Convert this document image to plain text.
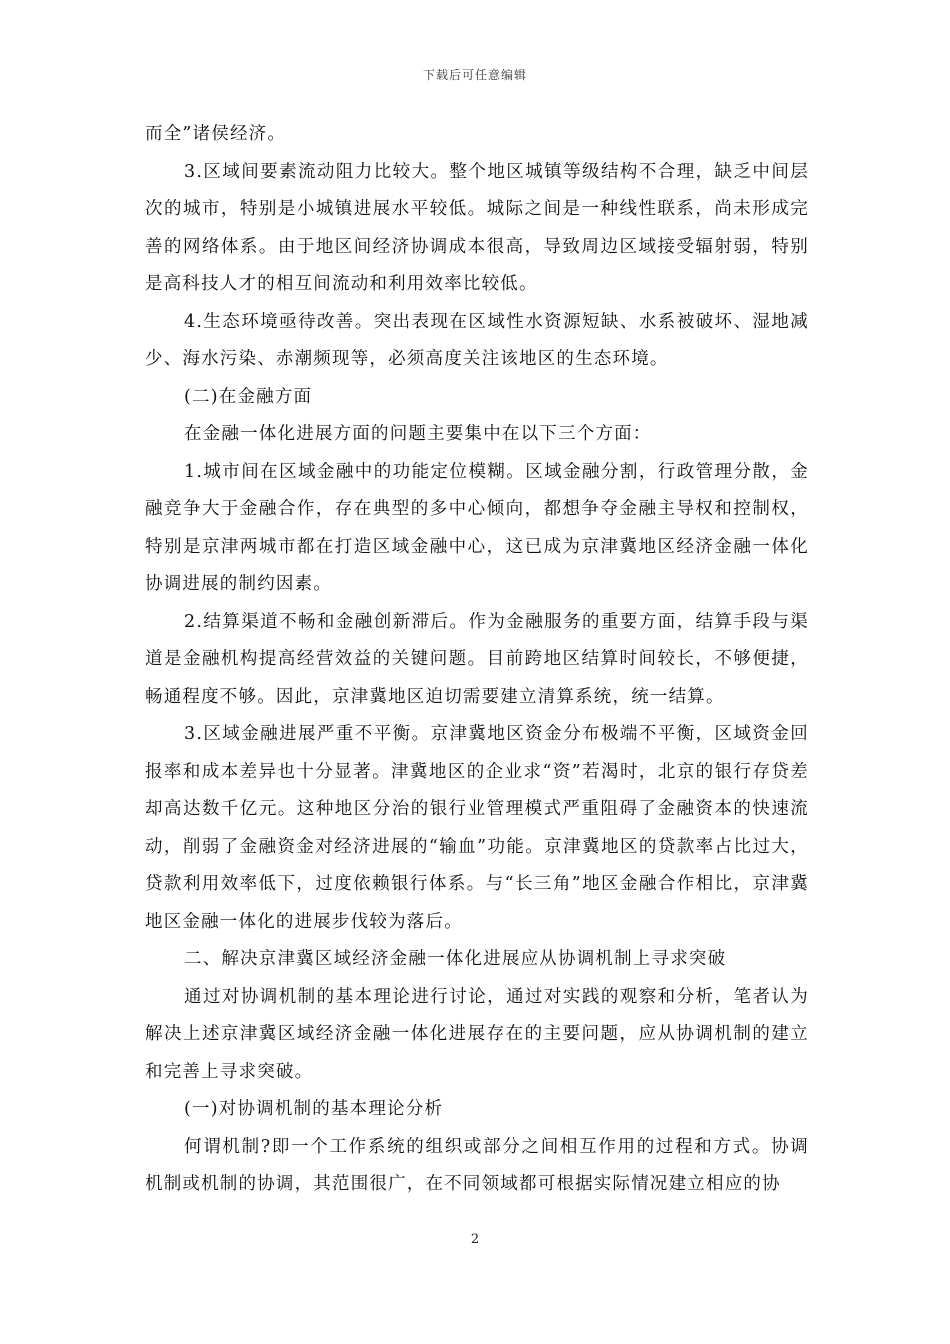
下载后可任意编辑

而全”诸侯经济。

3.区域间要素流动阻力比较大。整个地区城镇等级结构不合理，缺乏中间层次的城市，特别是小城镇进展水平较低。城际之间是一种线性联系，尚未形成完善的网络体系。由于地区间经济协调成本很高，导致周边区域接受辐射弱，特别是高科技人才的相互间流动和利用效率比较低。

4.生态环境亟待改善。突出表现在区域性水资源短缺、水系被破坏、湿地减少、海水污染、赤潮频现等，必须高度关注该地区的生态环境。

(二)在金融方面

在金融一体化进展方面的问题主要集中在以下三个方面：

1.城市间在区域金融中的功能定位模糊。区域金融分割，行政管理分散，金融竞争大于金融合作，存在典型的多中心倾向，都想争夺金融主导权和控制权，特别是京津两城市都在打造区域金融中心，这已成为京津冀地区经济金融一体化协调进展的制约因素。

2.结算渠道不畅和金融创新滞后。作为金融服务的重要方面，结算手段与渠道是金融机构提高经营效益的关键问题。目前跨地区结算时间较长，不够便捷，畅通程度不够。因此，京津冀地区迫切需要建立清算系统，统一结算。

3.区域金融进展严重不平衡。京津冀地区资金分布极端不平衡，区域资金回报率和成本差异也十分显著。津冀地区的企业求“资”若渴时，北京的银行存贷差却高达数千亿元。这种地区分治的银行业管理模式严重阻碍了金融资本的快速流动，削弱了金融资金对经济进展的“输血”功能。京津冀地区的贷款率占比过大，贷款利用效率低下，过度依赖银行体系。与“长三角”地区金融合作相比，京津冀地区金融一体化的进展步伐较为落后。

二、解决京津冀区域经济金融一体化进展应从协调机制上寻求突破

通过对协调机制的基本理论进行讨论，通过对实践的观察和分析，笔者认为解决上述京津冀区域经济金融一体化进展存在的主要问题，应从协调机制的建立和完善上寻求突破。

(一)对协调机制的基本理论分析

何谓机制?即一个工作系统的组织或部分之间相互作用的过程和方式。协调机制或机制的协调，其范围很广，在不同领域都可根据实际情况建立相应的协

2
